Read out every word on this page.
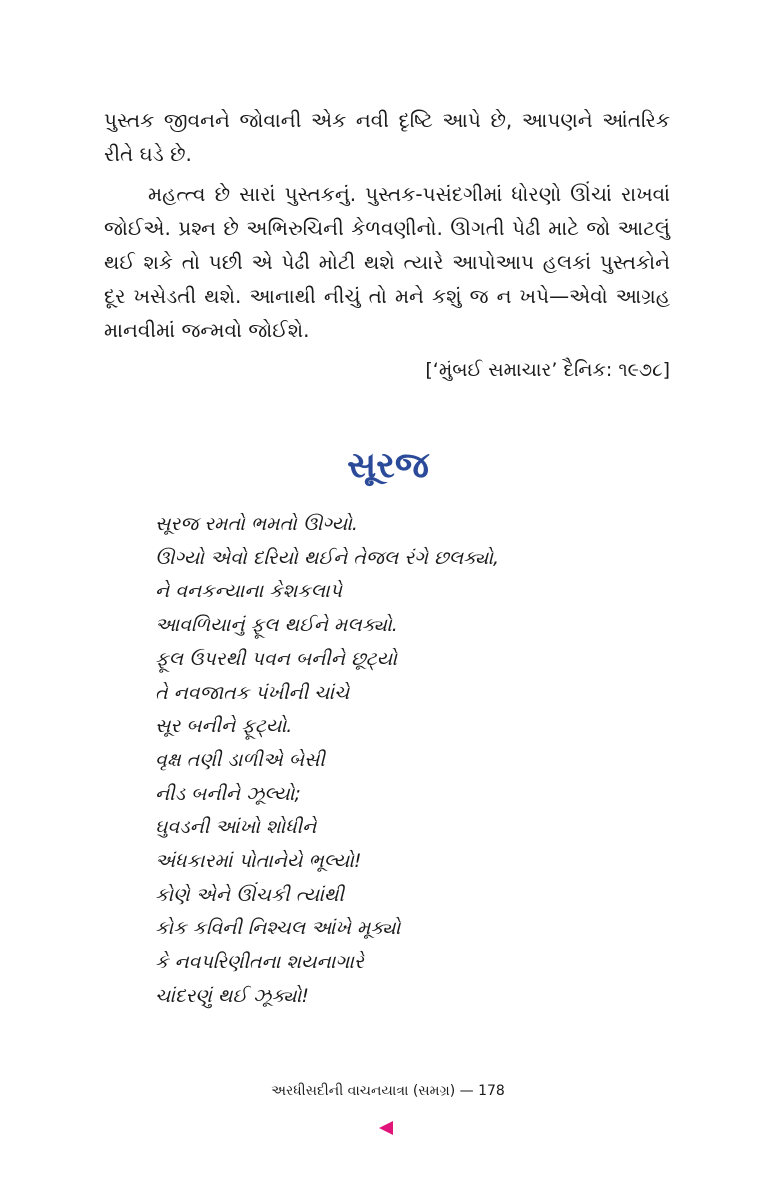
પુસ્તક જીવનને જોવાની એક નવી દૃષ્ટિ આપે છે, આપણને આંતરિક રીતે ઘડે છે.

મહત્ત્વ છે સારાં પુસ્તકનું. પુસ્તક-પસંદગીમાં ધોરણો ઊંચાં રાખવાં જોઈએ. પ્રશ્ન છે અભિરુચિની કેળવણીનો. ઊગતી પેઢી માટે જો આટલું થઈ શકે તો પછી એ પેઢી મોટી થશે ત્યારે આપોઆપ હલકાં પુસ્તકોને દૂર ખસેડતી થશે. આનાથી નીચું તો મને કશું જ ન ખપે—એવો આગ્રહ માનવીમાં જન્મવો જોઈશે.

[‘મુંબઈ સમાચાર’ દૈનિક: ૧૯૭૮]
સૂરજ
સૂરજ રમતો ભમતો ઊગ્યો.
ઊગ્યો એવો દરિયો થઈને તેજલ રંગે છલક્યો,
ને વનકન્યાના કેશકલાપે
આવળિયાનું ફૂલ થઈને મલક્યો.
ફૂલ ઉપરથી પવન બનીને છૂટ્યો
તે નવજાતક પંખીની ચાંચે
સૂર બનીને ફૂટ્યો.
વૃક્ષ તણી ડાળીએ બેસી
નીડ બનીને ઝૂલ્યો;
ઘુવડની આંખો શોધીને
અંધકારમાં પોતાનેયે ભૂલ્યો!
કોણે એને ઊંચકી ત્યાંથી
કોક કવિની નિશ્ચલ આંખે મૂક્યો
કે નવપરિણીતના શયનાગારે
ચાંદરણું થઈ ઝૂક્યો!
અરધીસદીની વાચનયાત્રા (સમગ્ર) — 178
